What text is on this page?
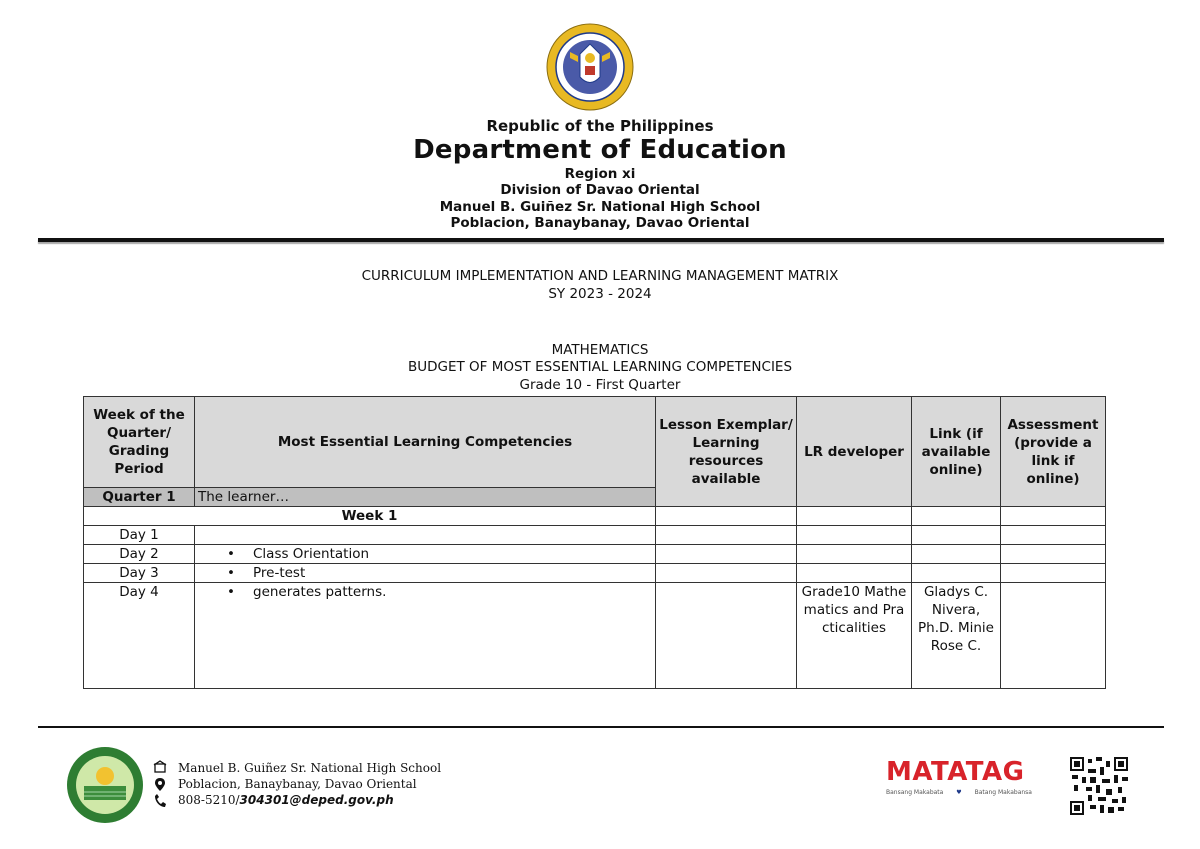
Republic of the Philippines
Department of Education
Region xi
Division of Davao Oriental
Manuel B. Guiñez Sr. National High School
Poblacion, Banaybanay, Davao Oriental
CURRICULUM IMPLEMENTATION AND LEARNING MANAGEMENT MATRIX
SY 2023 - 2024
MATHEMATICS
BUDGET OF MOST ESSENTIAL LEARNING COMPETENCIES
Grade 10 - First Quarter
Week of the Quarter/ Grading Period	Most Essential Learning Competencies	Lesson Exemplar/ Learning resources available	LR developer	Link (if available online)	Assessment (provide a link if online)
Quarter 1	The learner…				
Week 1					
Day 1					
Day 2	• Class Orientation				
Day 3	• Pre-test				
Day 4	• generates patterns.		Grade10 Mathematics and Practicalities	Gladys C. Nivera, Ph.D. Minie Rose C.	
Manuel B. Guiñez Sr. National High School
Poblacion, Banaybanay, Davao Oriental
808-5210/304301@deped.gov.ph
MATATAG
Bansang Makabata ♥ Batang Makabansa
